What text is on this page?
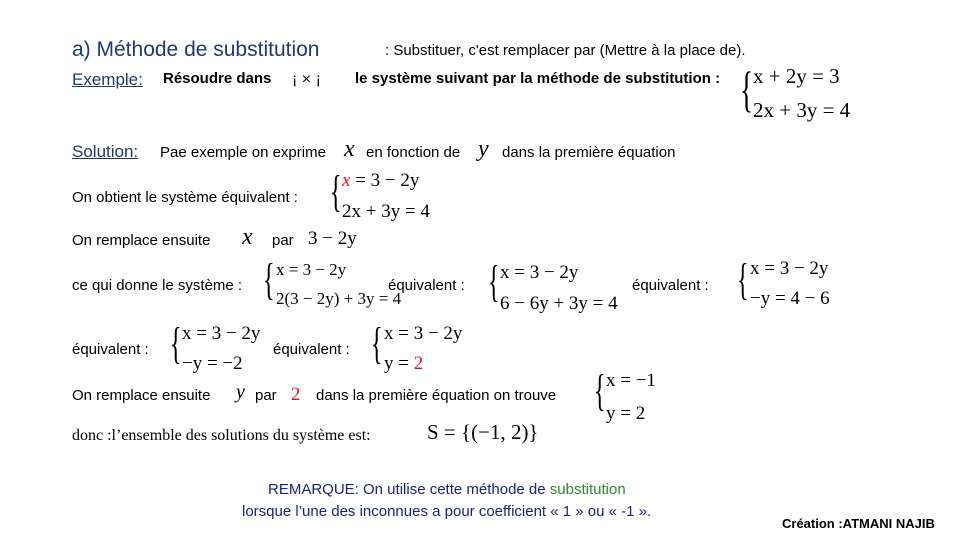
a) Méthode de substitution	: Substituer, c'est remplacer par (Mettre à la place de).
Exemple: Résoudre dans ¡ × ¡ le système suivant par la méthode de substitution : { x + 2y = 3
2x + 3y = 4
Solution: Pae exemple on exprime x en fonction de y dans la première équation
On obtient le système équivalent : { x = 3 − 2y
2x + 3y = 4
On remplace ensuite x par 3 − 2y
ce qui donne le système : { x = 3 − 2y
2(3 − 2y) + 3y = 4
équivalent : { x = 3 − 2y
6 − 6y + 3y = 4
équivalent : { x = 3 − 2y
−y = 4 − 6
équivalent : { x = 3 − 2y
−y = −2
équivalent : { x = 3 − 2y
y = 2
On remplace ensuite y par 2 dans la première équation on trouve { x = −1
y = 2
donc :l’ensemble des solutions du système est:	S = {(−1, 2)}
REMARQUE: On utilise cette méthode de substitution
lorsque l’une des inconnues a pour coefficient « 1 » ou « -1 ».
Création :ATMANI NAJIB
